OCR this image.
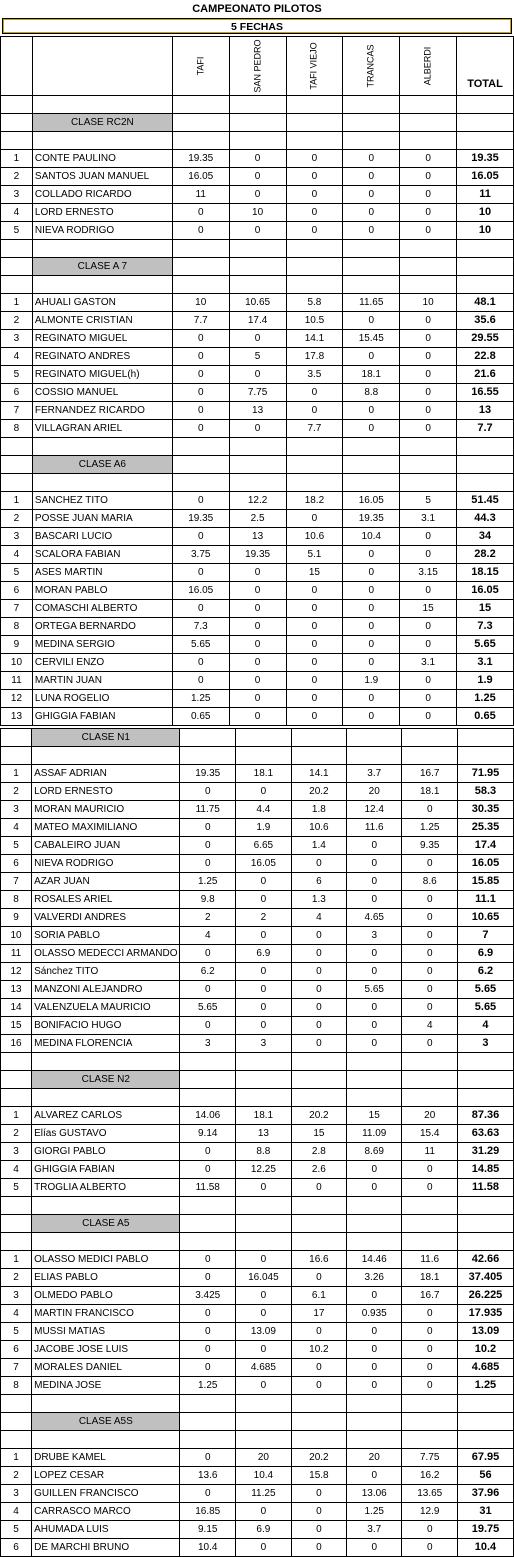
CAMPEONATO PILOTOS
5 FECHAS

		TAFI	SAN PEDRO	TAFI VIEJO	TRANCAS	ALBERDI	TOTAL

	CLASE RC2N						

1	CONTE PAULINO	19.35	0	0	0	0	19.35
2	SANTOS JUAN MANUEL	16.05	0	0	0	0	16.05
3	COLLADO RICARDO	11	0	0	0	0	11
4	LORD ERNESTO	0	10	0	0	0	10
5	NIEVA RODRIGO	0	0	0	0	0	10

	CLASE A 7						

1	AHUALI GASTON	10	10.65	5.8	11.65	10	48.1
2	ALMONTE CRISTIAN	7.7	17.4	10.5	0	0	35.6
3	REGINATO MIGUEL	0	0	14.1	15.45	0	29.55
4	REGINATO ANDRES	0	5	17.8	0	0	22.8
5	REGINATO MIGUEL(h)	0	0	3.5	18.1	0	21.6
6	COSSIO MANUEL	0	7.75	0	8.8	0	16.55
7	FERNANDEZ RICARDO	0	13	0	0	0	13
8	VILLAGRAN ARIEL	0	0	7.7	0	0	7.7

	CLASE A6						

1	SANCHEZ TITO	0	12.2	18.2	16.05	5	51.45
2	POSSE JUAN MARIA	19.35	2.5	0	19.35	3.1	44.3
3	BASCARI LUCIO	0	13	10.6	10.4	0	34
4	SCALORA FABIAN	3.75	19.35	5.1	0	0	28.2
5	ASES MARTIN	0	0	15	0	3.15	18.15
6	MORAN PABLO	16.05	0	0	0	0	16.05
7	COMASCHI ALBERTO	0	0	0	0	15	15
8	ORTEGA BERNARDO	7.3	0	0	0	0	7.3
9	MEDINA SERGIO	5.65	0	0	0	0	5.65
10	CERVILI ENZO	0	0	0	0	3.1	3.1
11	MARTIN JUAN	0	0	0	1.9	0	1.9
12	LUNA ROGELIO	1.25	0	0	0	0	1.25
13	GHIGGIA FABIAN	0.65	0	0	0	0	0.65
	CLASE N1						

1	ASSAF ADRIAN	19.35	18.1	14.1	3.7	16.7	71.95
2	LORD ERNESTO	0	0	20.2	20	18.1	58.3
3	MORAN MAURICIO	11.75	4.4	1.8	12.4	0	30.35
4	MATEO MAXIMILIANO	0	1.9	10.6	11.6	1.25	25.35
5	CABALEIRO JUAN	0	6.65	1.4	0	9.35	17.4
6	NIEVA RODRIGO	0	16.05	0	0	0	16.05
7	AZAR JUAN	1.25	0	6	0	8.6	15.85
8	ROSALES ARIEL	9.8	0	1.3	0	0	11.1
9	VALVERDI ANDRES	2	2	4	4.65	0	10.65
10	SORIA PABLO	4	0	0	3	0	7
11	OLASSO MEDECCI ARMANDO	0	6.9	0	0	0	6.9
12	Sánchez TITO	6.2	0	0	0	0	6.2
13	MANZONI ALEJANDRO	0	0	0	5.65	0	5.65
14	VALENZUELA MAURICIO	5.65	0	0	0	0	5.65
15	BONIFACIO HUGO	0	0	0	0	4	4
16	MEDINA FLORENCIA	3	3	0	0	0	3

	CLASE N2						

1	ALVAREZ CARLOS	14.06	18.1	20.2	15	20	87.36
2	Elías GUSTAVO	9.14	13	15	11.09	15.4	63.63
3	GIORGI PABLO	0	8.8	2.8	8.69	11	31.29
4	GHIGGIA FABIAN	0	12.25	2.6	0	0	14.85
5	TROGLIA ALBERTO	11.58	0	0	0	0	11.58

	CLASE A5						

1	OLASSO MEDICI PABLO	0	0	16.6	14.46	11.6	42.66
2	ELIAS PABLO	0	16.045	0	3.26	18.1	37.405
3	OLMEDO PABLO	3.425	0	6.1	0	16.7	26.225
4	MARTIN FRANCISCO	0	0	17	0.935	0	17.935
5	MUSSI MATIAS	0	13.09	0	0	0	13.09
6	JACOBE JOSE LUIS	0	0	10.2	0	0	10.2
7	MORALES DANIEL	0	4.685	0	0	0	4.685
8	MEDINA JOSE	1.25	0	0	0	0	1.25

	CLASE A5S						

1	DRUBE KAMEL	0	20	20.2	20	7.75	67.95
2	LOPEZ CESAR	13.6	10.4	15.8	0	16.2	56
3	GUILLEN FRANCISCO	0	11.25	0	13.06	13.65	37.96
4	CARRASCO MARCO	16.85	0	0	1.25	12.9	31
5	AHUMADA LUIS	9.15	6.9	0	3.7	0	19.75
6	DE MARCHI BRUNO	10.4	0	0	0	0	10.4
